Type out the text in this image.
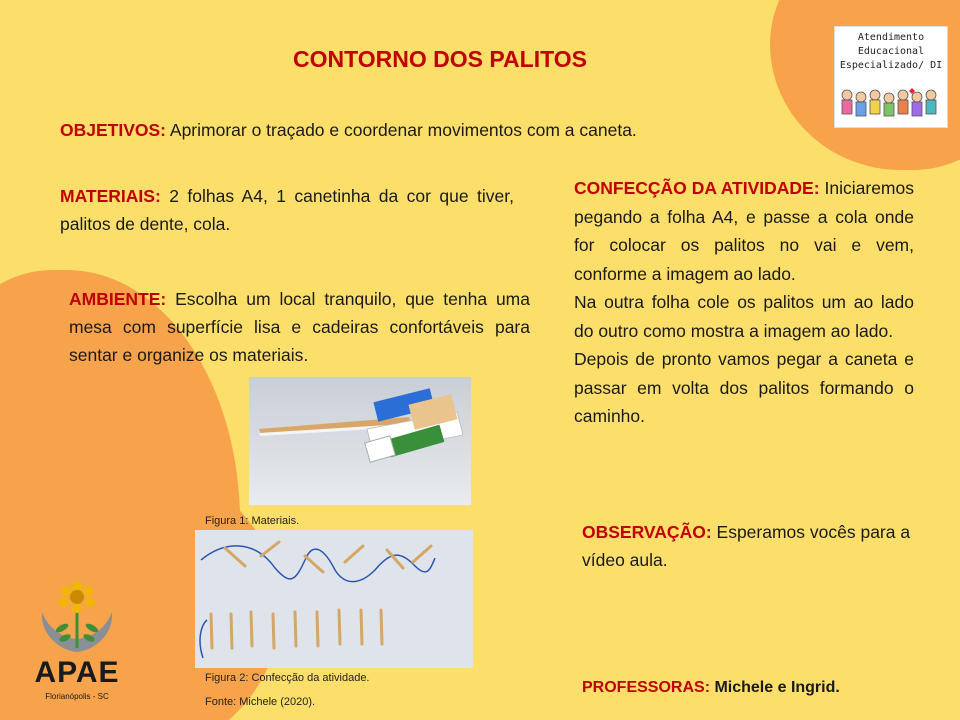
Atendimento
Educacional
Especializado/ DI
CONTORNO DOS PALITOS

OBJETIVOS: Aprimorar o traçado e coordenar movimentos com a caneta.

MATERIAIS: 2 folhas A4, 1 canetinha da cor que tiver, palitos de dente, cola.

AMBIENTE: Escolha um local tranquilo, que tenha uma mesa com superfície lisa e cadeiras confortáveis para sentar e organize os materiais.

CONFECÇÃO DA ATIVIDADE: Iniciaremos pegando a folha A4, e passe a cola onde for colocar os palitos no vai e vem, conforme a imagem ao lado.
Na outra folha cole os palitos um ao lado do outro como mostra a imagem ao lado.
Depois de pronto vamos pegar a caneta e passar em volta dos palitos formando o caminho.

OBSERVAÇÃO: Esperamos vocês para a vídeo aula.

Figura 1: Materiais.
Figura 2: Confecção da atividade.
Fonte: Michele (2020).

PROFESSORAS: Michele e Ingrid.

APAE
Florianópolis - SC
